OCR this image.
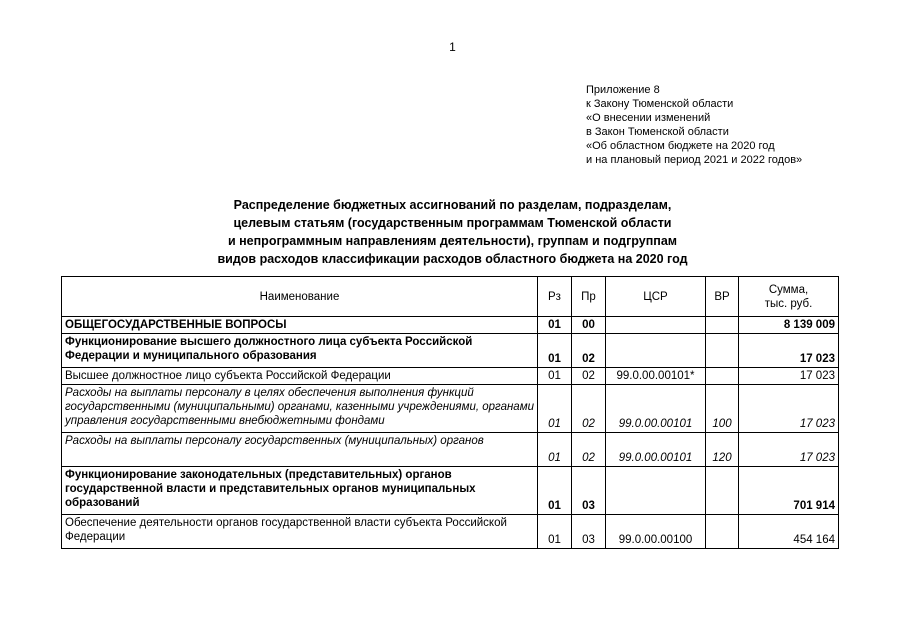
1
Приложение 8
к Закону Тюменской области
«О внесении изменений
в Закон Тюменской области
«Об областном бюджете на 2020 год
и на плановый период 2021 и 2022 годов»
Распределение бюджетных ассигнований по разделам, подразделам,
целевым статьям (государственным программам Тюменской области
и непрограммным направлениям деятельности), группам и подгруппам
видов расходов классификации расходов областного бюджета на 2020 год
Наименование	Рз	Пр	ЦСР	ВР	Сумма,
тыс. руб.

ОБЩЕГОСУДАРСТВЕННЫЕ ВОПРОСЫ	01	00			8 139 009
Функционирование высшего должностного лица субъекта Российской Федерации и муниципального образования	01	02			17 023
Высшее должностное лицо субъекта Российской Федерации	01	02	99.0.00.00101*		17 023
Расходы на выплаты персоналу в целях обеспечения выполнения функций государственными (муниципальными) органами, казенными учреждениями, органами управления государственными внебюджетными фондами	01	02	99.0.00.00101	100	17 023
Расходы на выплаты персоналу государственных (муниципальных) органов	01	02	99.0.00.00101	120	17 023
Функционирование законодательных (представительных) органов государственной власти и представительных органов муниципальных образований	01	03			701 914
Обеспечение деятельности органов государственной власти субъекта Российской Федерации	01	03	99.0.00.00100		454 164
